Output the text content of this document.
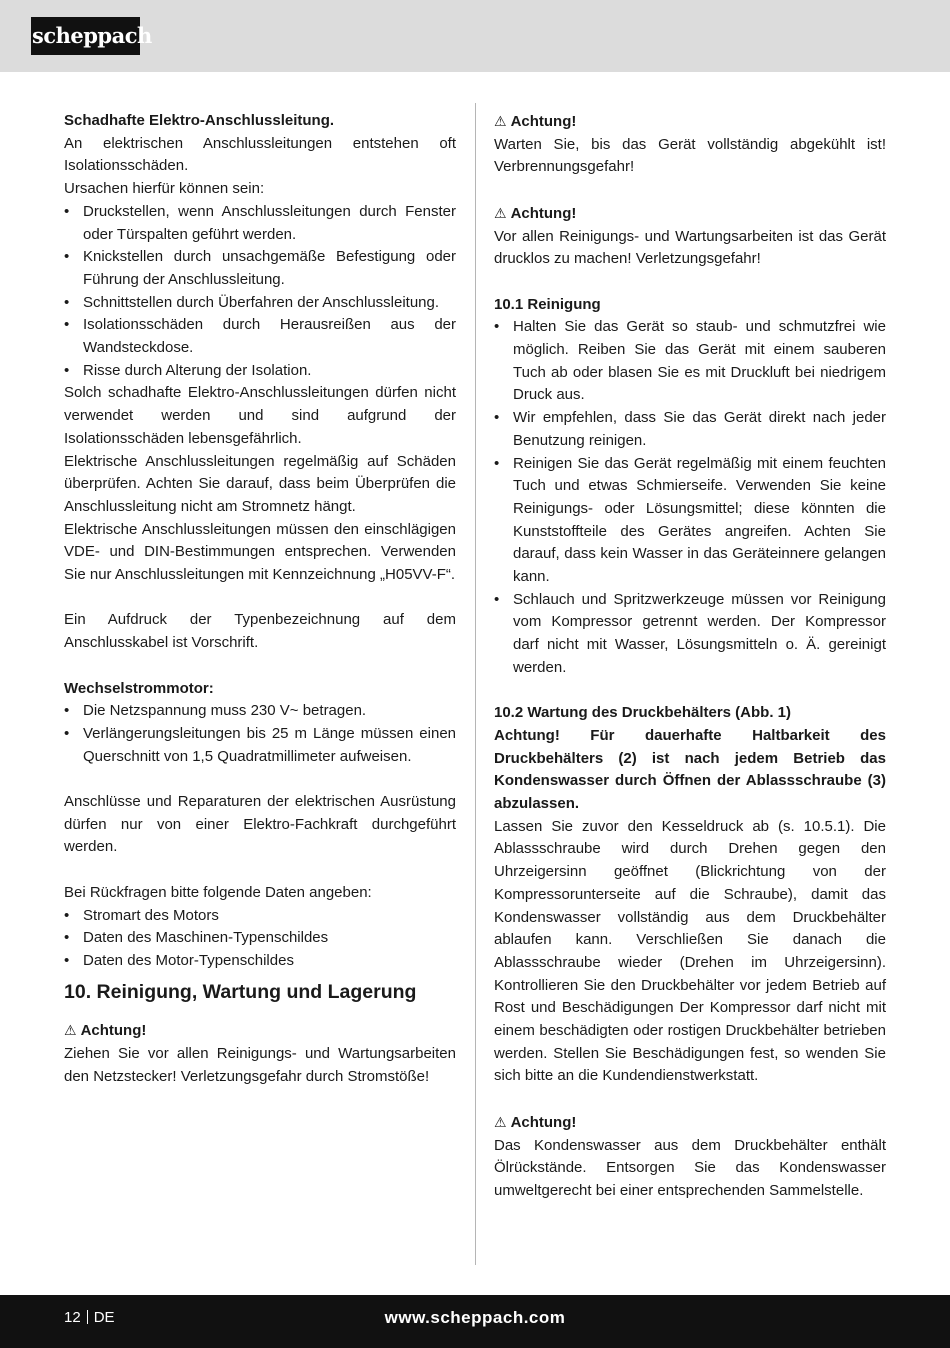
scheppach

Schadhafte Elektro-Anschlussleitung.

An elektrischen Anschlussleitungen entstehen oft Isolationsschäden.

Ursachen hierfür können sein:

• Druckstellen, wenn Anschlussleitungen durch Fenster oder Türspalten geführt werden.
• Knickstellen durch unsachgemäße Befestigung oder Führung der Anschlussleitung.
• Schnittstellen durch Überfahren der Anschlussleitung.
• Isolationsschäden durch Herausreißen aus der Wandsteckdose.
• Risse durch Alterung der Isolation.

Solch schadhafte Elektro-Anschlussleitungen dürfen nicht verwendet werden und sind aufgrund der Isolationsschäden lebensgefährlich.

Elektrische Anschlussleitungen regelmäßig auf Schäden überprüfen. Achten Sie darauf, dass beim Überprüfen die Anschlussleitung nicht am Stromnetz hängt.

Elektrische Anschlussleitungen müssen den einschlägigen VDE- und DIN-Bestimmungen entsprechen. Verwenden Sie nur Anschlussleitungen mit Kennzeichnung „H05VV-F“.

Ein Aufdruck der Typenbezeichnung auf dem Anschlusskabel ist Vorschrift.

Wechselstrommotor:

• Die Netzspannung muss 230 V~ betragen.
• Verlängerungsleitungen bis 25 m Länge müssen einen Querschnitt von 1,5 Quadratmillimeter aufweisen.

Anschlüsse und Reparaturen der elektrischen Ausrüstung dürfen nur von einer Elektro-Fachkraft durchgeführt werden.

Bei Rückfragen bitte folgende Daten angeben:

• Stromart des Motors
• Daten des Maschinen-Typenschildes
• Daten des Motor-Typenschildes
10. Reinigung, Wartung und Lagerung

⚠ Achtung!

Ziehen Sie vor allen Reinigungs- und Wartungsarbeiten den Netzstecker! Verletzungsgefahr durch Stromstöße!

⚠ Achtung!

Warten Sie, bis das Gerät vollständig abgekühlt ist! Verbrennungsgefahr!

⚠ Achtung!

Vor allen Reinigungs- und Wartungsarbeiten ist das Gerät drucklos zu machen! Verletzungsgefahr!

10.1 Reinigung

• Halten Sie das Gerät so staub- und schmutzfrei wie möglich. Reiben Sie das Gerät mit einem sauberen Tuch ab oder blasen Sie es mit Druckluft bei niedrigem Druck aus.
• Wir empfehlen, dass Sie das Gerät direkt nach jeder Benutzung reinigen.
• Reinigen Sie das Gerät regelmäßig mit einem feuchten Tuch und etwas Schmierseife. Verwenden Sie keine Reinigungs- oder Lösungsmittel; diese könnten die Kunststoffteile des Gerätes angreifen. Achten Sie darauf, dass kein Wasser in das Geräteinnere gelangen kann.
• Schlauch und Spritzwerkzeuge müssen vor Reinigung vom Kompressor getrennt werden. Der Kompressor darf nicht mit Wasser, Lösungsmitteln o. Ä. gereinigt werden.

10.2 Wartung des Druckbehälters (Abb. 1)

Achtung! Für dauerhafte Haltbarkeit des Druckbehälters (2) ist nach jedem Betrieb das Kondenswasser durch Öffnen der Ablassschraube (3) abzulassen.

Lassen Sie zuvor den Kesseldruck ab (s. 10.5.1). Die Ablassschraube wird durch Drehen gegen den Uhrzeigersinn geöffnet (Blickrichtung von der Kompressorunterseite auf die Schraube), damit das Kondenswasser vollständig aus dem Druckbehälter ablaufen kann. Verschließen Sie danach die Ablassschraube wieder (Drehen im Uhrzeigersinn). Kontrollieren Sie den Druckbehälter vor jedem Betrieb auf Rost und Beschädigungen Der Kompressor darf nicht mit einem beschädigten oder rostigen Druckbehälter betrieben werden. Stellen Sie Beschädigungen fest, so wenden Sie sich bitte an die Kundendienstwerkstatt.

⚠ Achtung!

Das Kondenswasser aus dem Druckbehälter enthält Ölrückstände. Entsorgen Sie das Kondenswasser umweltgerecht bei einer entsprechenden Sammelstelle.

12 DE	www.scheppach.com
